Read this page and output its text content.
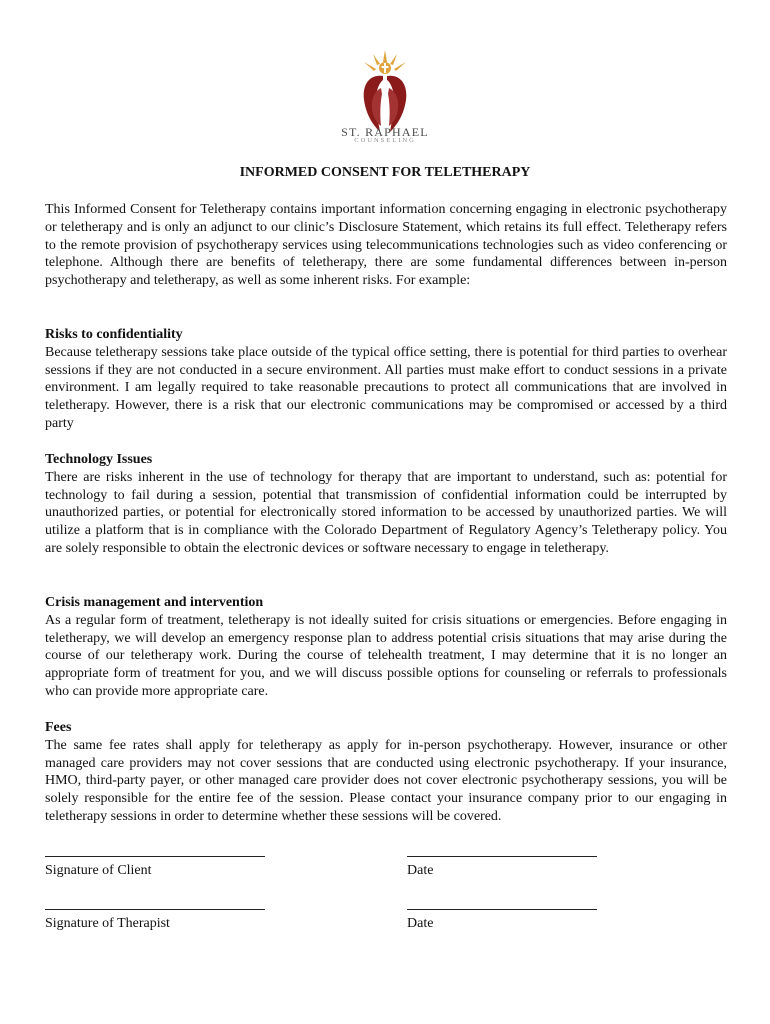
ST. RAPHAEL
COUNSELING
INFORMED CONSENT FOR TELETHERAPY

This Informed Consent for Teletherapy contains important information concerning engaging in electronic psychotherapy or teletherapy and is only an adjunct to our clinic’s Disclosure Statement, which retains its full effect. Teletherapy refers to the remote provision of psychotherapy services using telecommunications technologies such as video conferencing or telephone. Although there are benefits of teletherapy, there are some fundamental differences between in-person psychotherapy and teletherapy, as well as some inherent risks. For example:

Risks to confidentiality

Because teletherapy sessions take place outside of the typical office setting, there is potential for third parties to overhear sessions if they are not conducted in a secure environment. All parties must make effort to conduct sessions in a private environment. I am legally required to take reasonable precautions to protect all communications that are involved in teletherapy. However, there is a risk that our electronic communications may be compromised or accessed by a third party

Technology Issues

There are risks inherent in the use of technology for therapy that are important to understand, such as: potential for technology to fail during a session, potential that transmission of confidential information could be interrupted by unauthorized parties, or potential for electronically stored information to be accessed by unauthorized parties. We will utilize a platform that is in compliance with the Colorado Department of Regulatory Agency’s Teletherapy policy. You are solely responsible to obtain the electronic devices or software necessary to engage in teletherapy.

Crisis management and intervention

As a regular form of treatment, teletherapy is not ideally suited for crisis situations or emergencies. Before engaging in teletherapy, we will develop an emergency response plan to address potential crisis situations that may arise during the course of our teletherapy work. During the course of telehealth treatment, I may determine that it is no longer an appropriate form of treatment for you, and we will discuss possible options for counseling or referrals to professionals who can provide more appropriate care.

Fees

The same fee rates shall apply for teletherapy as apply for in-person psychotherapy. However, insurance or other managed care providers may not cover sessions that are conducted using electronic psychotherapy. If your insurance, HMO, third-party payer, or other managed care provider does not cover electronic psychotherapy sessions, you will be solely responsible for the entire fee of the session. Please contact your insurance company prior to our engaging in teletherapy sessions in order to determine whether these sessions will be covered.

Signature of Client	Date
Signature of Therapist	Date
